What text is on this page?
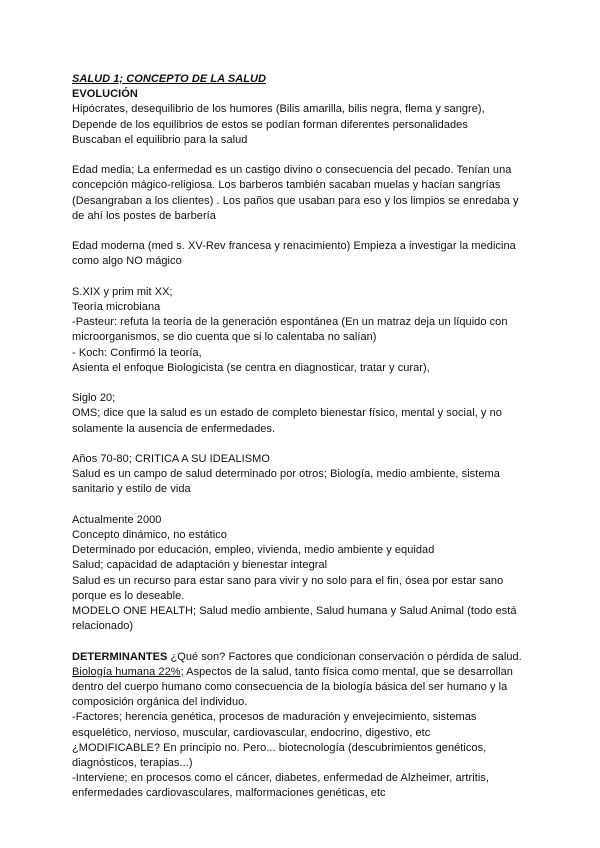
SALUD 1; CONCEPTO DE LA SALUD
EVOLUCIÓN
Hipócrates, desequilibrio de los humores (Bilis amarilla, bilis negra, flema y sangre),
Depende de los equilibrios de estos se podían forman diferentes personalidades
Buscaban el equilibrio para la salud
Edad media; La enfermedad es un castigo divino o consecuencia del pecado. Tenían una
concepción mágico-religiosa. Los barberos también sacaban muelas y hacían sangrías
(Desangraban a los clientes) . Los paños que usaban para eso y los limpios se enredaba y
de ahí los postes de barbería
Edad moderna (med s. XV-Rev francesa y renacimiento) Empieza a investigar la medicina
como algo NO mágico
S.XIX y prim mit XX;
Teoría microbiana
-Pasteur: refuta la teoría de la generación espontánea (En un matraz deja un líquido con
microorganismos, se dio cuenta que si lo calentaba no salían)
- Koch: Confirmó la teoría,
Asienta el enfoque Biologicista (se centra en diagnosticar, tratar y curar),
Siglo 20;
OMS; dice que la salud es un estado de completo bienestar físico, mental y social, y no
solamente la ausencia de enfermedades.
Años 70-80; CRITICA A SU IDEALISMO
Salud es un campo de salud determinado por otros; Biología, medio ambiente, sistema
sanitario y estilo de vida
Actualmente 2000
Concepto dinámico, no estático
Determinado por educación, empleo, vivienda, medio ambiente y equidad
Salud; capacidad de adaptación y bienestar integral
Salud es un recurso para estar sano para vivir y no solo para el fin, ósea por estar sano
porque es lo deseable.
MODELO ONE HEALTH; Salud medio ambiente, Salud humana y Salud Animal (todo está
relacionado)
DETERMINANTES ¿Qué son? Factores que condicionan conservación o pérdida de salud.
Biología humana 22%; Aspectos de la salud, tanto física como mental, que se desarrollan
dentro del cuerpo humano como consecuencia de la biología básica del ser humano y la
composición orgánica del individuo.
-Factores; herencia genética, procesos de maduración y envejecimiento, sistemas
esquelético, nervioso, muscular, cardiovascular, endocrino, digestivo, etc
¿MODIFICABLE? En principio no. Pero... biotecnología (descubrimientos genéticos,
diagnósticos, terapias...)
-Interviene; en procesos como el cáncer, diabetes, enfermedad de Alzheimer, artritis,
enfermedades cardiovasculares, malformaciones genéticas, etc
